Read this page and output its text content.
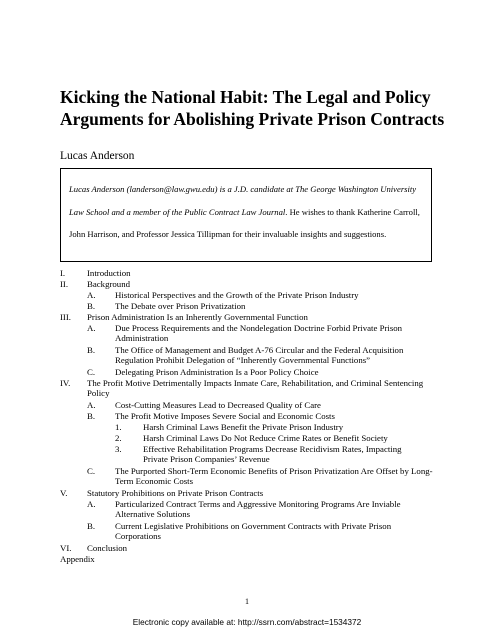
Kicking the National Habit: The Legal and Policy Arguments for Abolishing Private Prison Contracts
Lucas Anderson
Lucas Anderson (landerson@law.gwu.edu) is a J.D. candidate at The George Washington University Law School and a member of the Public Contract Law Journal. He wishes to thank Katherine Carroll, John Harrison, and Professor Jessica Tillipman for their invaluable insights and suggestions.
I. Introduction
II. Background
A. Historical Perspectives and the Growth of the Private Prison Industry
B. The Debate over Prison Privatization
III. Prison Administration Is an Inherently Governmental Function
A. Due Process Requirements and the Nondelegation Doctrine Forbid Private Prison Administration
B. The Office of Management and Budget A-76 Circular and the Federal Acquisition Regulation Prohibit Delegation of “Inherently Governmental Functions”
C. Delegating Prison Administration Is a Poor Policy Choice
IV. The Profit Motive Detrimentally Impacts Inmate Care, Rehabilitation, and Criminal Sentencing Policy
A. Cost-Cutting Measures Lead to Decreased Quality of Care
B. The Profit Motive Imposes Severe Social and Economic Costs
1. Harsh Criminal Laws Benefit the Private Prison Industry
2. Harsh Criminal Laws Do Not Reduce Crime Rates or Benefit Society
3. Effective Rehabilitation Programs Decrease Recidivism Rates, Impacting Private Prison Companies’ Revenue
C. The Purported Short-Term Economic Benefits of Prison Privatization Are Offset by Long-Term Economic Costs
V. Statutory Prohibitions on Private Prison Contracts
A. Particularized Contract Terms and Aggressive Monitoring Programs Are Inviable Alternative Solutions
B. Current Legislative Prohibitions on Government Contracts with Private Prison Corporations
VI. Conclusion
Appendix
1
Electronic copy available at: http://ssrn.com/abstract=1534372
